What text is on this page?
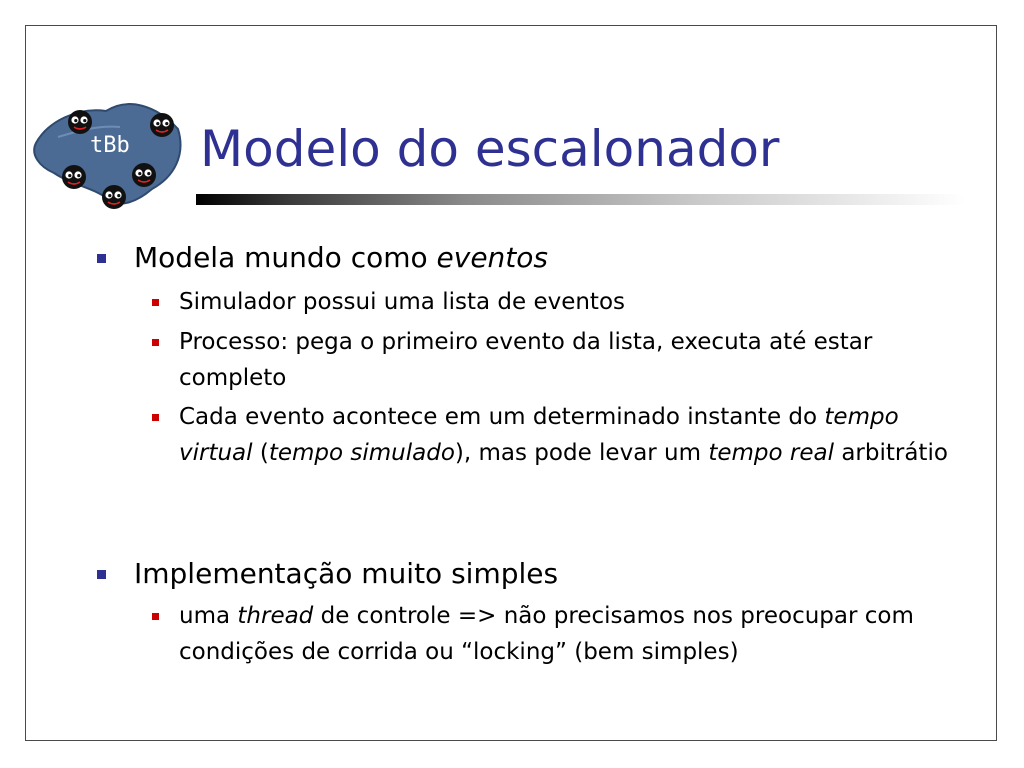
tBb Modelo do escalonador
Modela mundo como eventos
Simulador possui uma lista de eventos
Processo: pega o primeiro evento da lista, executa até estar completo
Cada evento acontece em um determinado instante do tempo virtual (tempo simulado), mas pode levar um tempo real arbitrátio
Implementação muito simples
uma thread de controle => não precisamos nos preocupar com condições de corrida ou “locking” (bem simples)
